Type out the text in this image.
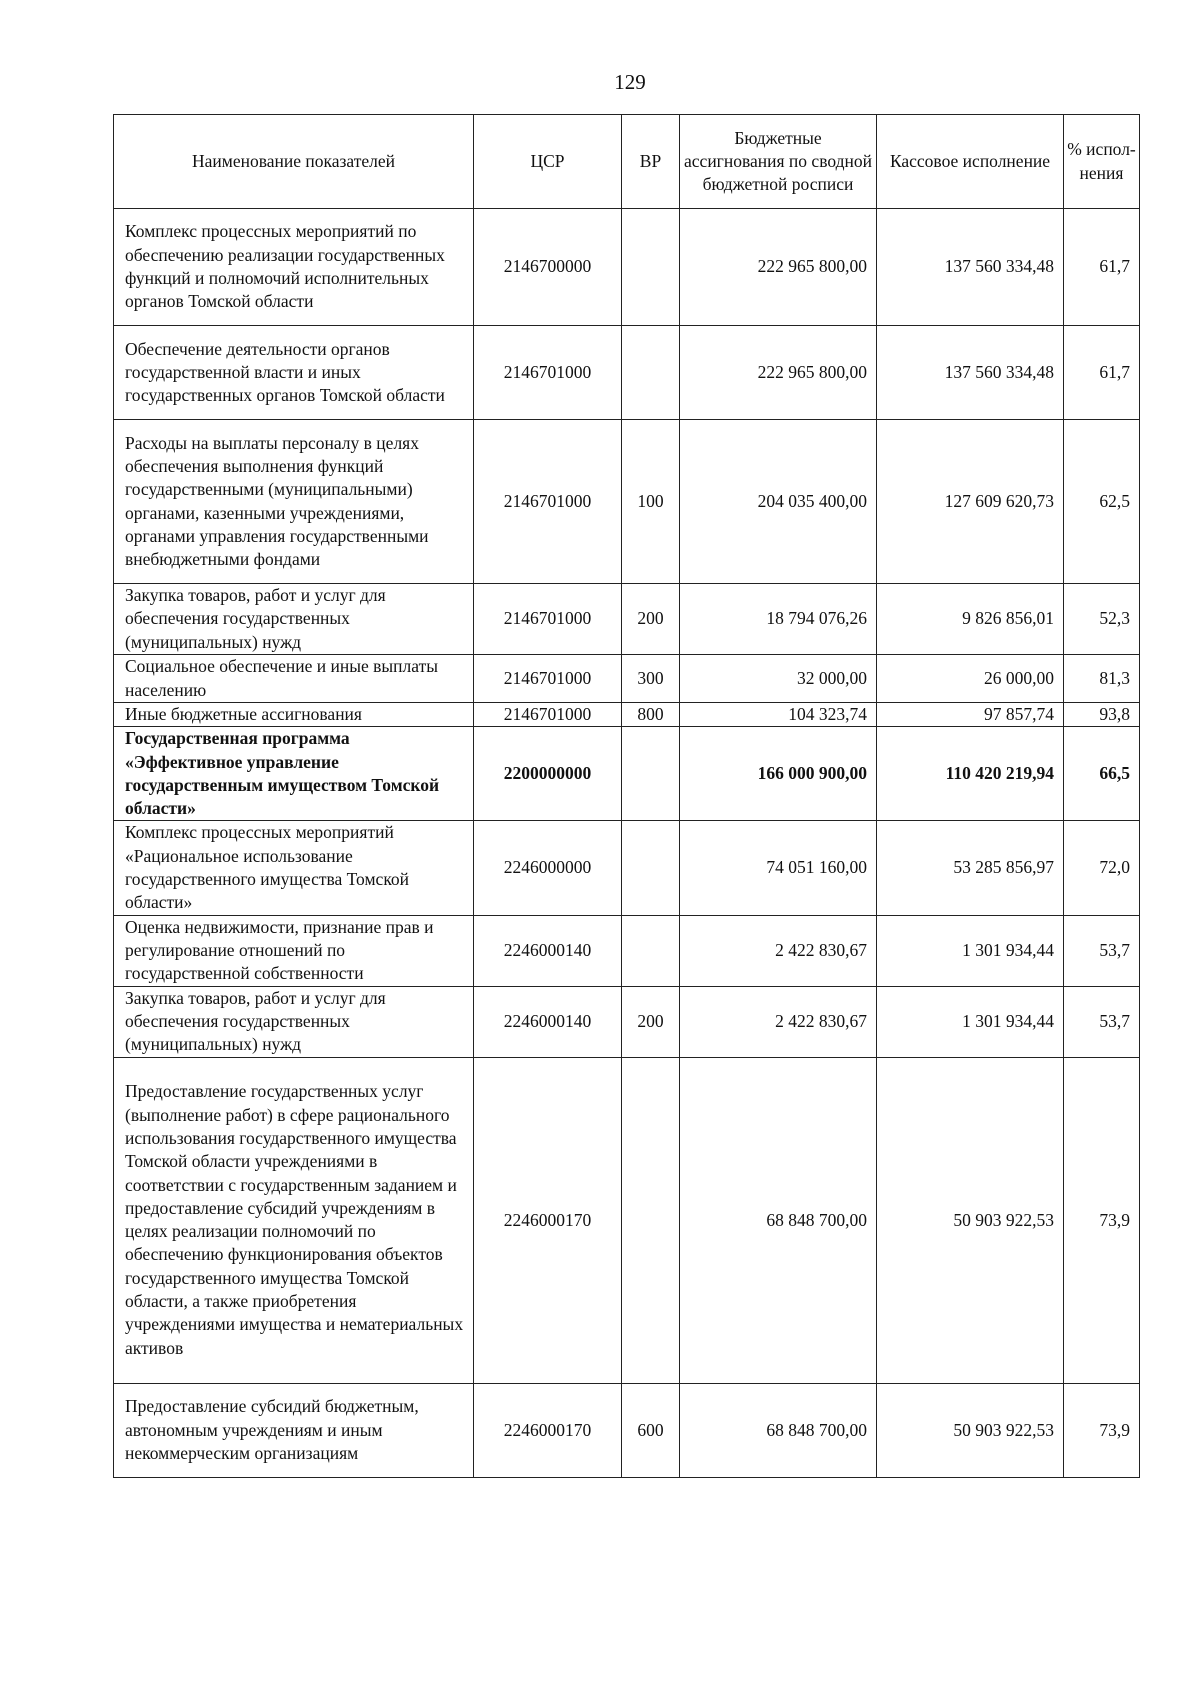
129
Наименование показателей	ЦСР	ВР	Бюджетные ассигнования по сводной бюджетной росписи	Кассовое исполнение	% испол-нения
Комплекс процессных мероприятий по обеспечению реализации государственных функций и полномочий исполнительных органов Томской области	2146700000		222 965 800,00	137 560 334,48	61,7
Обеспечение деятельности органов государственной власти и иных государственных органов Томской области	2146701000		222 965 800,00	137 560 334,48	61,7
Расходы на выплаты персоналу в целях обеспечения выполнения функций государственными (муниципальными) органами, казенными учреждениями, органами управления государственными внебюджетными фондами	2146701000	100	204 035 400,00	127 609 620,73	62,5
Закупка товаров, работ и услуг для обеспечения государственных (муниципальных) нужд	2146701000	200	18 794 076,26	9 826 856,01	52,3
Социальное обеспечение и иные выплаты населению	2146701000	300	32 000,00	26 000,00	81,3
Иные бюджетные ассигнования	2146701000	800	104 323,74	97 857,74	93,8
Государственная программа «Эффективное управление государственным имуществом Томской области»	2200000000		166 000 900,00	110 420 219,94	66,5
Комплекс процессных мероприятий «Рациональное использование государственного имущества Томской области»	2246000000		74 051 160,00	53 285 856,97	72,0
Оценка недвижимости, признание прав и регулирование отношений по государственной собственности	2246000140		2 422 830,67	1 301 934,44	53,7
Закупка товаров, работ и услуг для обеспечения государственных (муниципальных) нужд	2246000140	200	2 422 830,67	1 301 934,44	53,7
Предоставление государственных услуг (выполнение работ) в сфере рационального использования государственного имущества Томской области учреждениями в соответствии с государственным заданием и предоставление субсидий учреждениям в целях реализации полномочий по обеспечению функционирования объектов государственного имущества Томской области, а также приобретения учреждениями имущества и нематериальных активов	2246000170		68 848 700,00	50 903 922,53	73,9
Предоставление субсидий бюджетным, автономным учреждениям и иным некоммерческим организациям	2246000170	600	68 848 700,00	50 903 922,53	73,9
